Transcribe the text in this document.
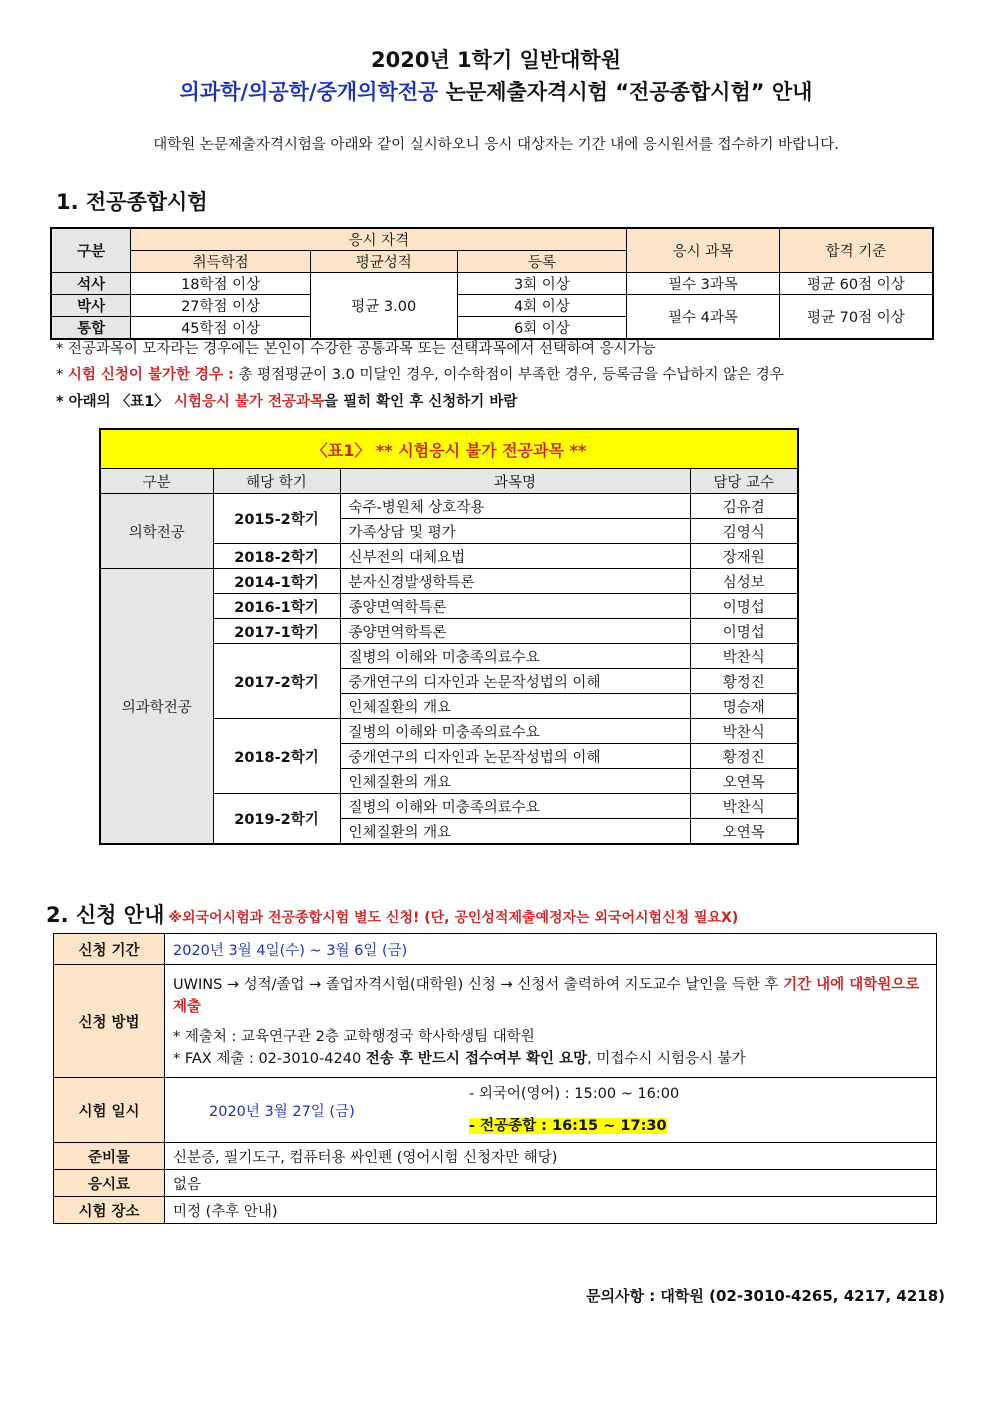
2020년 1학기 일반대학원
의과학/의공학/중개의학전공 논문제출자격시험 “전공종합시험” 안내
대학원 논문제출자격시험을 아래와 같이 실시하오니 응시 대상자는 기간 내에 응시원서를 접수하기 바랍니다.
1. 전공종합시험
구분	응시 자격			응시 과목	합격 기준
	취득학점	평균성적	등록		
석사	18학점 이상	평균 3.00	3회 이상	필수 3과목	평균 60점 이상
박사	27학점 이상		4회 이상	필수 4과목	평균 70점 이상
통합	45학점 이상		6회 이상		
* 전공과목이 모자라는 경우에는 본인이 수강한 공통과목 또는 선택과목에서 선택하여 응시가능
* 시험 신청이 불가한 경우 : 총 평점평균이 3.0 미달인 경우, 이수학점이 부족한 경우, 등록금을 수납하지 않은 경우
* 아래의 〈표1〉 시험응시 불가 전공과목을 필히 확인 후 신청하기 바람
〈표1〉 ** 시험응시 불가 전공과목 **			
구분	해당 학기	과목명	담당 교수
의학전공	2015-2학기	숙주-병원체 상호작용	김유겸
		가족상담 및 평가	김영식
	2018-2학기	신부전의 대체요법	장재원
의과학전공	2014-1학기	분자신경발생학특론	심성보
	2016-1학기	종양면역학특론	이명섭
	2017-1학기	종양면역학특론	이명섭
	2017-2학기	질병의 이해와 미충족의료수요	박찬식
		중개연구의 디자인과 논문작성법의 이해	황정진
		인체질환의 개요	명승재
	2018-2학기	질병의 이해와 미충족의료수요	박찬식
		중개연구의 디자인과 논문작성법의 이해	황정진
		인체질환의 개요	오연목
	2019-2학기	질병의 이해와 미충족의료수요	박찬식
		인체질환의 개요	오연목
2. 신청 안내 ※외국어시험과 전공종합시험 별도 신청! (단, 공인성적제출예정자는 외국어시험신청 필요X)
신청 기간	2020년 3월 4일(수) ~ 3월 6일 (금)
신청 방법	UWINS → 성적/졸업 → 졸업자격시험(대학원) 신청 → 신청서 출력하여 지도교수 날인을 득한 후 기간 내에 대학원으로 제출
* 제출처 : 교육연구관 2층 교학행정국 학사학생팀 대학원
* FAX 제출 : 02-3010-4240 전송 후 반드시 접수여부 확인 요망, 미접수시 시험응시 불가

시험 일시	2020년 3월 27일 (금)
- 외국어(영어) : 15:00 ~ 16:00
- 전공종합 : 16:15 ~ 17:30

준비물	신분증, 필기도구, 컴퓨터용 싸인펜 (영어시험 신청자만 해당)
응시료	없음
시험 장소	미정 (추후 안내)
문의사항 : 대학원 (02-3010-4265, 4217, 4218)
